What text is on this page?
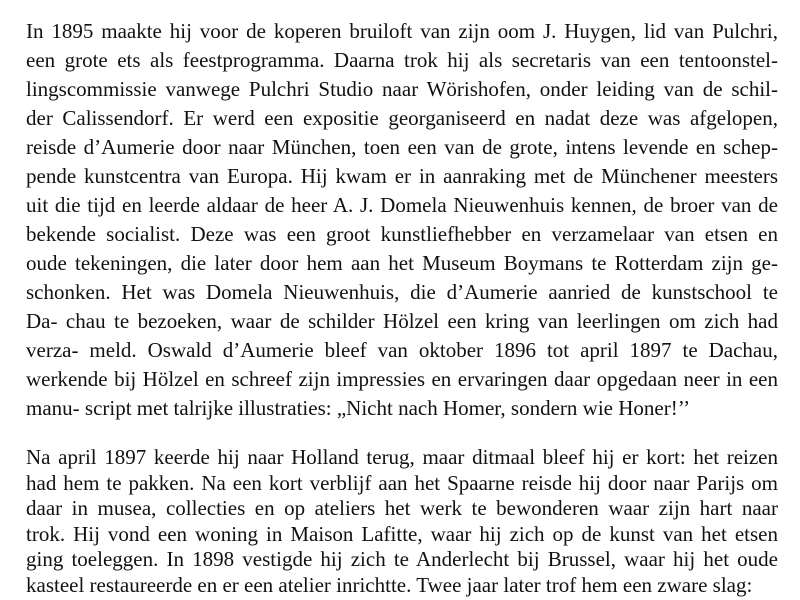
In 1895 maakte hij voor de koperen bruiloft van zijn oom J. Huygen, lid van Pulchri,
een grote ets als feestprogramma. Daarna trok hij als secretaris van een tentoonstel-
lingscommissie vanwege Pulchri Studio naar Wörishofen, onder leiding van de schil-
der Calissendorf. Er werd een expositie georganiseerd en nadat deze was afgelopen,
reisde d’Aumerie door naar München, toen een van de grote, intens levende en schep-
pende kunstcentra van Europa. Hij kwam er in aanraking met de Münchener meesters
uit die tijd en leerde aldaar de heer A. J. Domela Nieuwenhuis kennen, de broer van de
bekende socialist. Deze was een groot kunstliefhebber en verzamelaar van etsen en
oude tekeningen, die later door hem aan het Museum Boymans te Rotterdam zijn ge-
schonken. Het was Domela Nieuwenhuis, die d’Aumerie aanried de kunstschool te
Da- chau te bezoeken, waar de schilder Hölzel een kring van leerlingen om zich had
verza- meld. Oswald d’Aumerie bleef van oktober 1896 tot april 1897 te Dachau,
werkende bij Hölzel en schreef zijn impressies en ervaringen daar opgedaan neer in een
manu- script met talrijke illustraties: „Nicht nach Homer, sondern wie Honer!’’
Na april 1897 keerde hij naar Holland terug, maar ditmaal bleef hij er kort: het reizen
had hem te pakken. Na een kort verblijf aan het Spaarne reisde hij door naar Parijs om
daar in musea, collecties en op ateliers het werk te bewonderen waar zijn hart naar
trok. Hij vond een woning in Maison Lafitte, waar hij zich op de kunst van het etsen
ging toeleggen. In 1898 vestigde hij zich te Anderlecht bij Brussel, waar hij het oude
kasteel restaureerde en er een atelier inrichtte. Twee jaar later trof hem een zware slag:
